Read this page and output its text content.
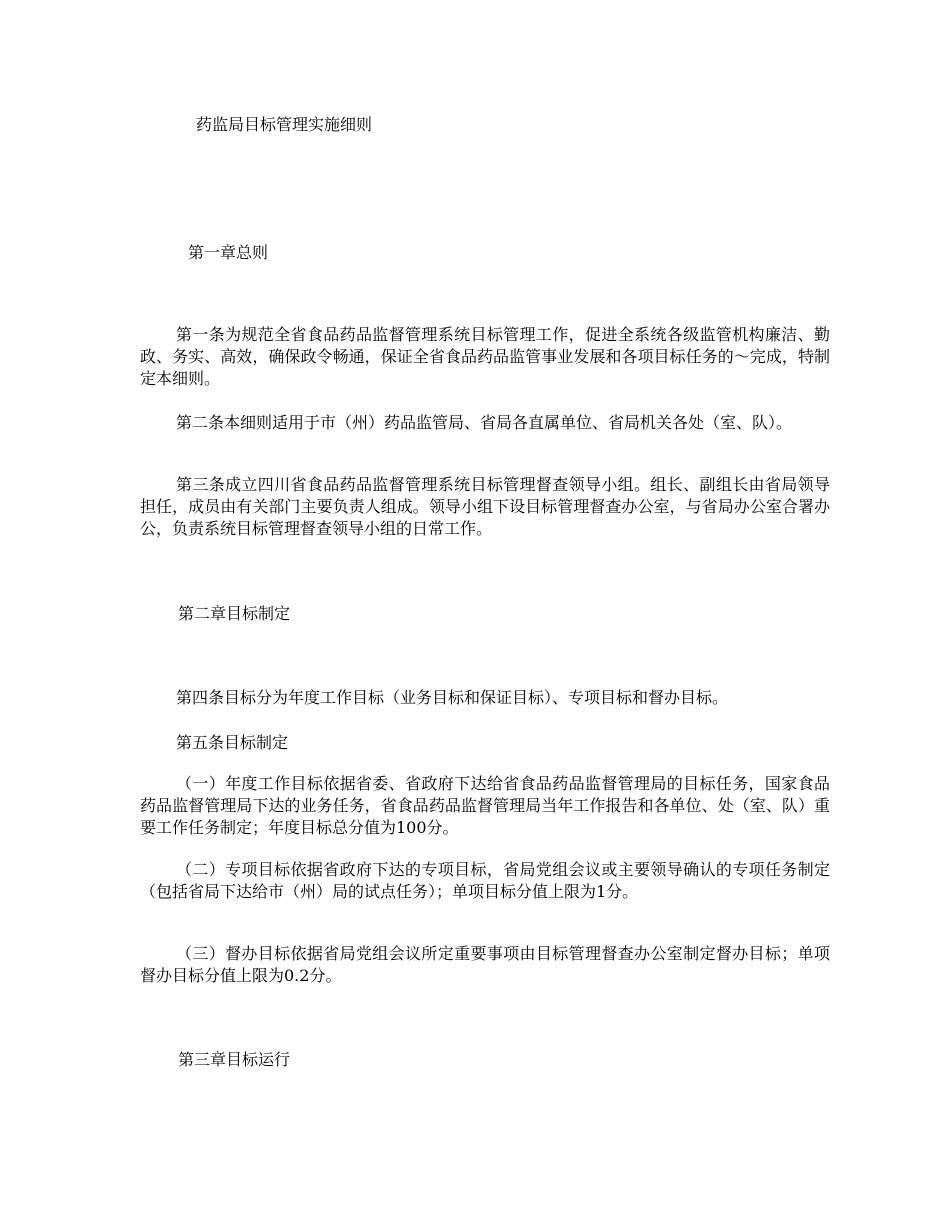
药监局目标管理实施细则
第一章总则
第一条为规范全省食品药品监督管理系统目标管理工作，促进全系统各级监管机构廉洁、勤政、务实、高效，确保政令畅通，保证全省食品药品监管事业发展和各项目标任务的～完成，特制定本细则。
第二条本细则适用于市（州）药品监管局、省局各直属单位、省局机关各处（室、队）。
第三条成立四川省食品药品监督管理系统目标管理督查领导小组。组长、副组长由省局领导担任，成员由有关部门主要负责人组成。领导小组下设目标管理督查办公室，与省局办公室合署办公，负责系统目标管理督查领导小组的日常工作。
第二章目标制定
第四条目标分为年度工作目标（业务目标和保证目标）、专项目标和督办目标。
第五条目标制定
（一）年度工作目标依据省委、省政府下达给省食品药品监督管理局的目标任务，国家食品药品监督管理局下达的业务任务，省食品药品监督管理局当年工作报告和各单位、处（室、队）重要工作任务制定；年度目标总分值为100分。
（二）专项目标依据省政府下达的专项目标，省局党组会议或主要领导确认的专项任务制定（包括省局下达给市（州）局的试点任务）；单项目标分值上限为1分。
（三）督办目标依据省局党组会议所定重要事项由目标管理督查办公室制定督办目标；单项督办目标分值上限为0.2分。
第三章目标运行
